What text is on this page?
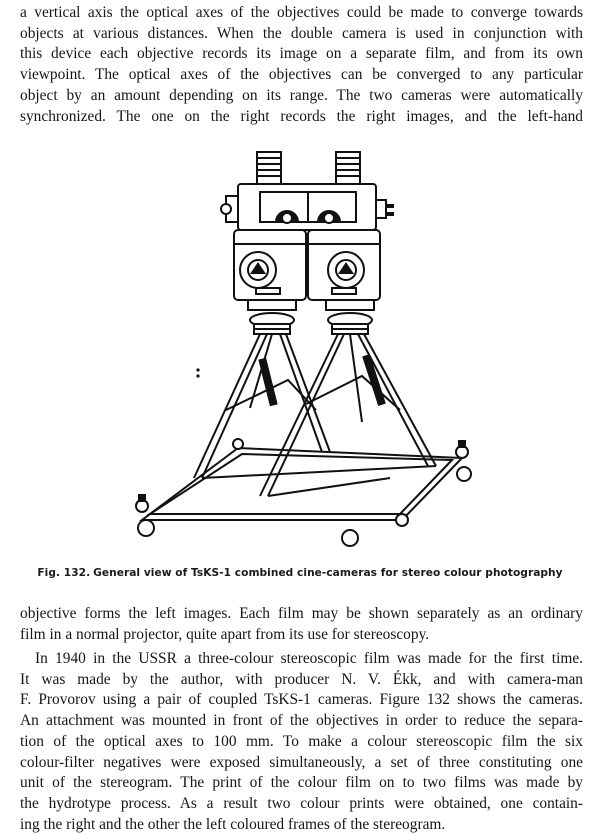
a vertical axis the optical axes of the objectives could be made to converge towards
objects at various distances. When the double camera is used in conjunction with
this device each objective records its image on a separate film, and from its own
viewpoint. The optical axes of the objectives can be converged to any particular
object by an amount depending on its range. The two cameras were automatically
synchronized. The one on the right records the right images, and the left-hand

Fig. 132. General view of TsKS-1 combined cine-cameras for stereo colour photography

objective forms the left images. Each film may be shown separately as an ordinary
film in a normal projector, quite apart from its use for stereoscopy.

In 1940 in the USSR a three-colour stereoscopic film was made for the first time.
It was made by the author, with producer N. V. Ékk, and with camera-man
F. Provorov using a pair of coupled TsKS-1 cameras. Figure 132 shows the cameras.
An attachment was mounted in front of the objectives in order to reduce the separa-
tion of the optical axes to 100 mm. To make a colour stereoscopic film the six
colour-filter negatives were exposed simultaneously, a set of three constituting one
unit of the stereogram. The print of the colour film on to two films was made by
the hydrotype process. As a result two colour prints were obtained, one contain-
ing the right and the other the left coloured frames of the stereogram.
